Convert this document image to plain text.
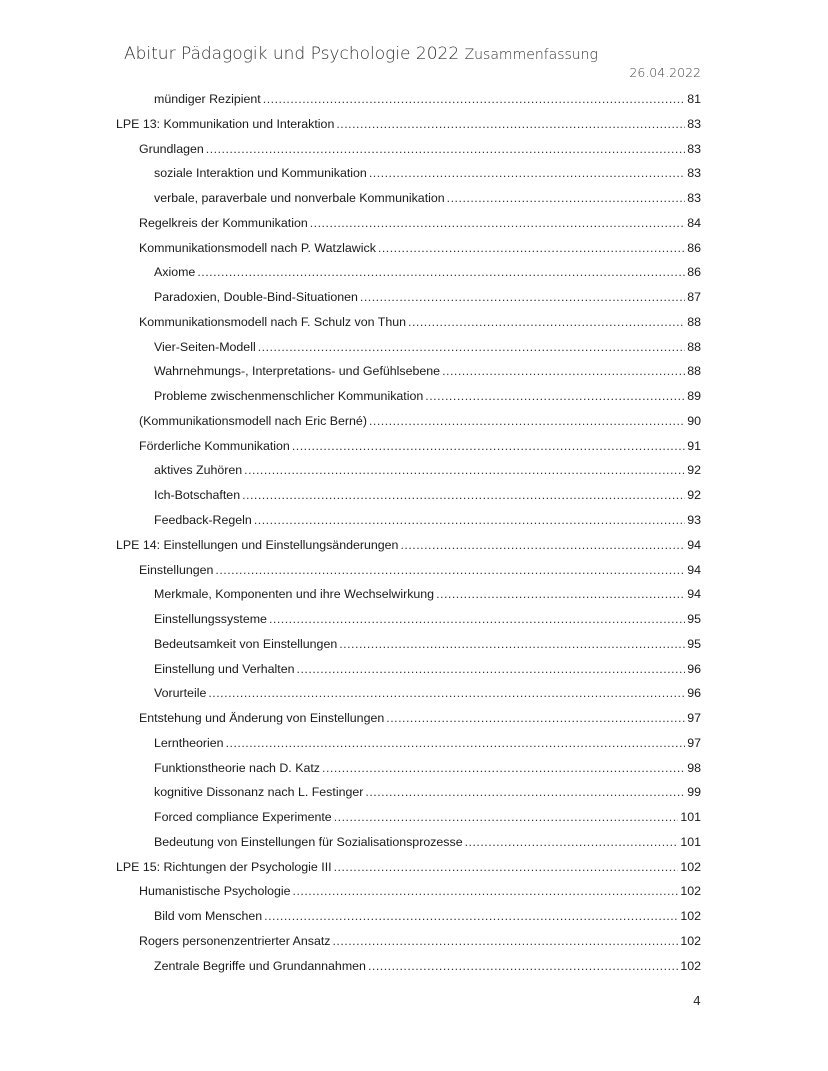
Abitur Pädagogik und Psychologie 2022 Zusammenfassung
26.04.2022
mündiger Rezipient .....	81
LPE 13: Kommunikation und Interaktion .....	83
Grundlagen .....	83
soziale Interaktion und Kommunikation .....	83
verbale, paraverbale und nonverbale Kommunikation .....	83
Regelkreis der Kommunikation .....	84
Kommunikationsmodell nach P. Watzlawick .....	86
Axiome .....	86
Paradoxien, Double-Bind-Situationen .....	87
Kommunikationsmodell nach F. Schulz von Thun .....	88
Vier-Seiten-Modell .....	88
Wahrnehmungs-, Interpretations- und Gefühlsebene .....	88
Probleme zwischenmenschlicher Kommunikation .....	89
(Kommunikationsmodell nach Eric Berné) .....	90
Förderliche Kommunikation .....	91
aktives Zuhören .....	92
Ich-Botschaften .....	92
Feedback-Regeln .....	93
LPE 14: Einstellungen und Einstellungsänderungen .....	94
Einstellungen .....	94
Merkmale, Komponenten und ihre Wechselwirkung .....	94
Einstellungssysteme .....	95
Bedeutsamkeit von Einstellungen .....	95
Einstellung und Verhalten .....	96
Vorurteile .....	96
Entstehung und Änderung von Einstellungen .....	97
Lerntheorien .....	97
Funktionstheorie nach D. Katz .....	98
kognitive Dissonanz nach L. Festinger .....	99
Forced compliance Experimente .....	101
Bedeutung von Einstellungen für Sozialisationsprozesse .....	101
LPE 15: Richtungen der Psychologie III .....	102
Humanistische Psychologie .....	102
Bild vom Menschen .....	102
Rogers personenzentrierter Ansatz .....	102
Zentrale Begriffe und Grundannahmen .....	102
4
